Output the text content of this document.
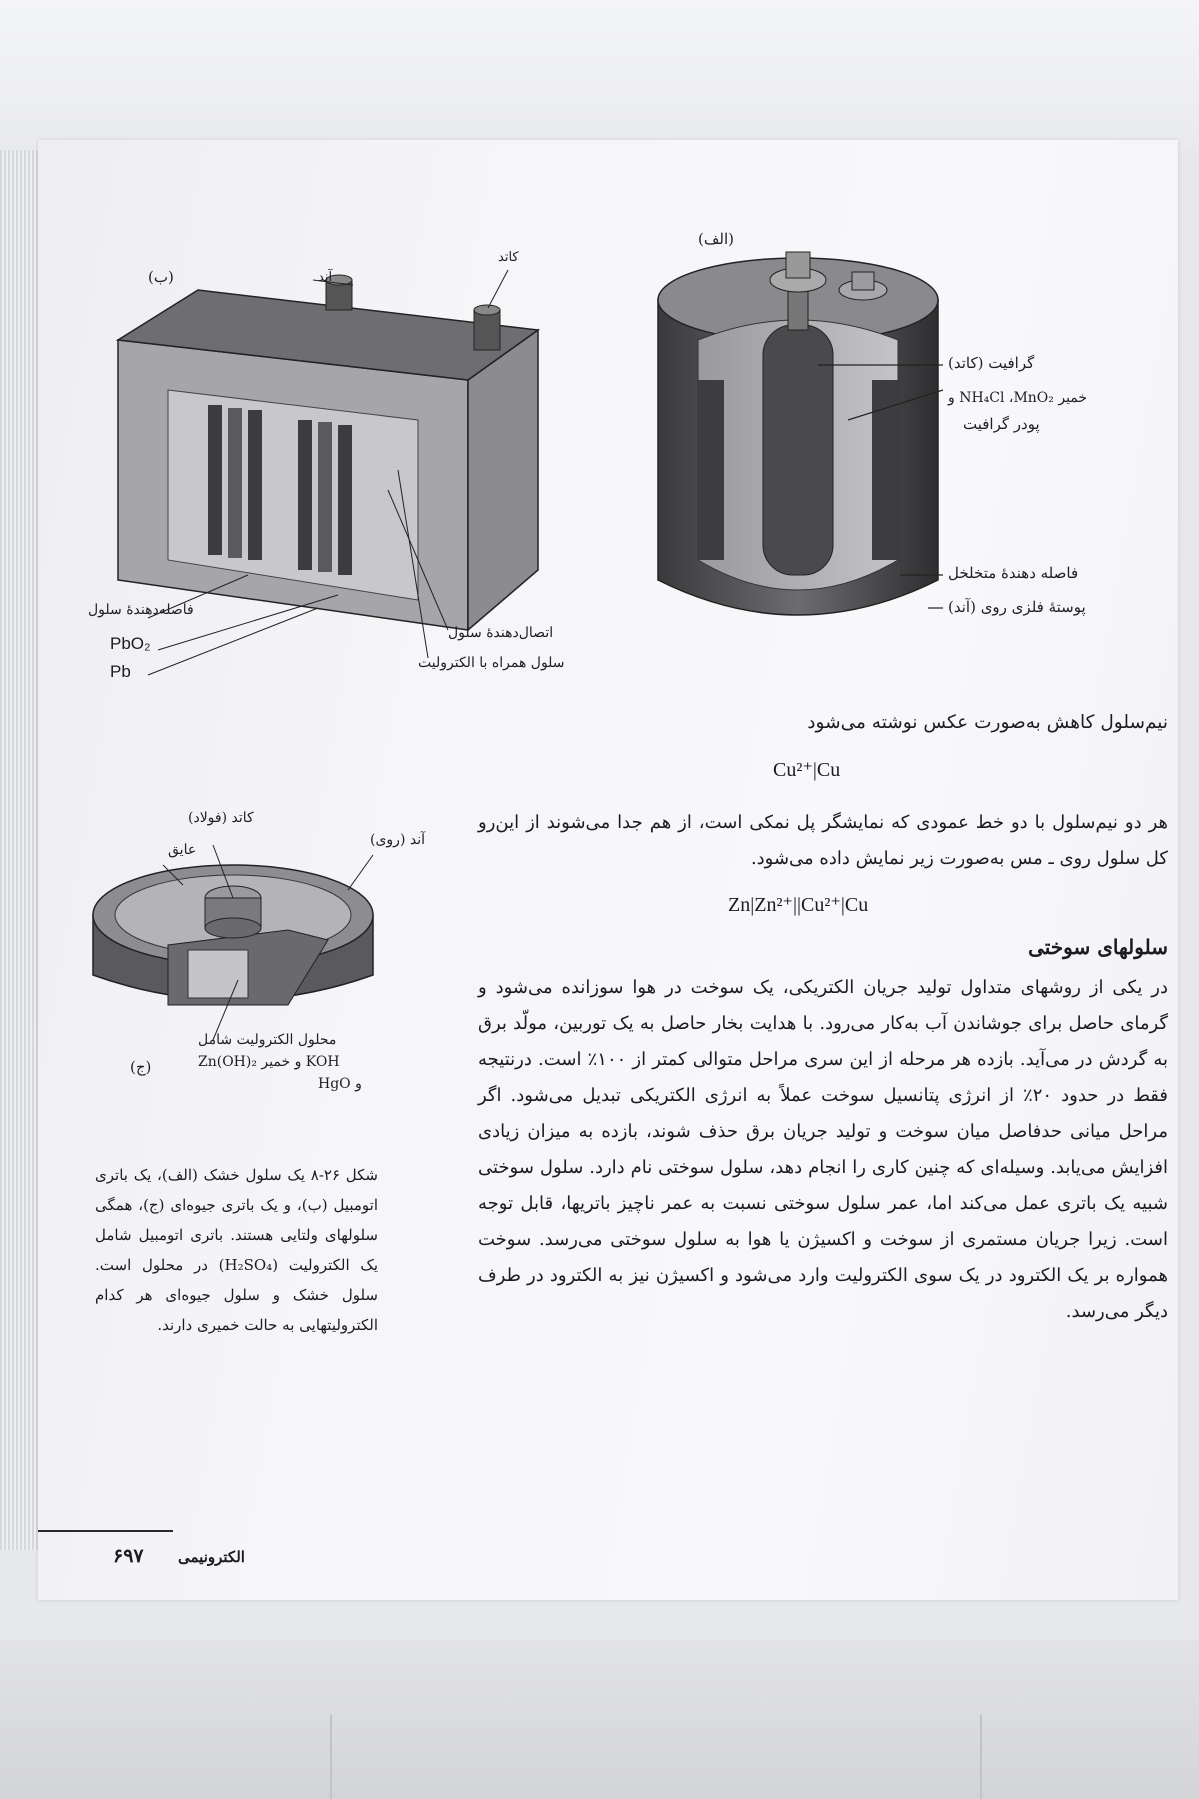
(الف)
گرافیت (کاتد)
خمیر NH₄Cl ،MnO₂ و
پودر گرافیت
فاصله دهندهٔ متخلخل
پوستهٔ فلزی روی (آند)
(ب)	آند
کاتد
فاصله‌دهندهٔ سلول
PbO₂
Pb
اتصال‌دهندهٔ سلول
سلول همراه با الکترولیت
کاتد (فولاد)
عایق
آند (روی)
محلول الکترولیت شامل
KOH و خمیر Zn(OH)₂
و HgO
(ج)
شکل ۲۶-۸ یک سلول خشک (الف)، یک باتری اتومبیل (ب)، و یک باتری جیوه‌ای (ج)، همگی سلولهای ولتایی هستند. باتری اتومبیل شامل یک الکترولیت (H₂SO₄) در محلول است. سلول خشک و سلول جیوه‌ای هر کدام الکترولیتهایی به حالت خمیری دارند.
نیم‌سلول کاهش به‌صورت عکس نوشته می‌شود
Cu²⁺|Cu
هر دو نیم‌سلول با دو خط عمودی که نمایشگر پل نمکی است، از هم جدا می‌شوند از این‌رو کل سلول روی ـ مس به‌صورت زیر نمایش داده می‌شود.
Zn|Zn²⁺||Cu²⁺|Cu
سلولهای سوختی
در یکی از روشهای متداول تولید جریان الکتریکی، یک سوخت در هوا سوزانده می‌شود و گرمای حاصل برای جوشاندن آب به‌کار می‌رود. با هدایت بخار حاصل به یک توربین، مولّد برق به گردش در می‌آید. بازده هر مرحله از این سری مراحل متوالی کمتر از ۱۰۰٪ است. درنتیجه فقط در حدود ۲۰٪ از انرژی پتانسیل سوخت عملاً به انرژی الکتریکی تبدیل می‌شود. اگر مراحل میانی حدفاصل میان سوخت و تولید جریان برق حذف شوند، بازده به میزان زیادی افزایش می‌یابد. وسیله‌ای که چنین کاری را انجام دهد، سلول سوختی نام دارد. سلول سوختی شبیه یک باتری عمل می‌کند اما، عمر سلول سوختی نسبت به عمر ناچیز باتریها، قابل توجه است. زیرا جریان مستمری از سوخت و اکسیژن یا هوا به سلول سوختی می‌رسد. سوخت همواره بر یک الکترود در یک سوی الکترولیت وارد می‌شود و اکسیژن نیز به الکترود در طرف دیگر می‌رسد.
الکترونیمی
۶۹۷
